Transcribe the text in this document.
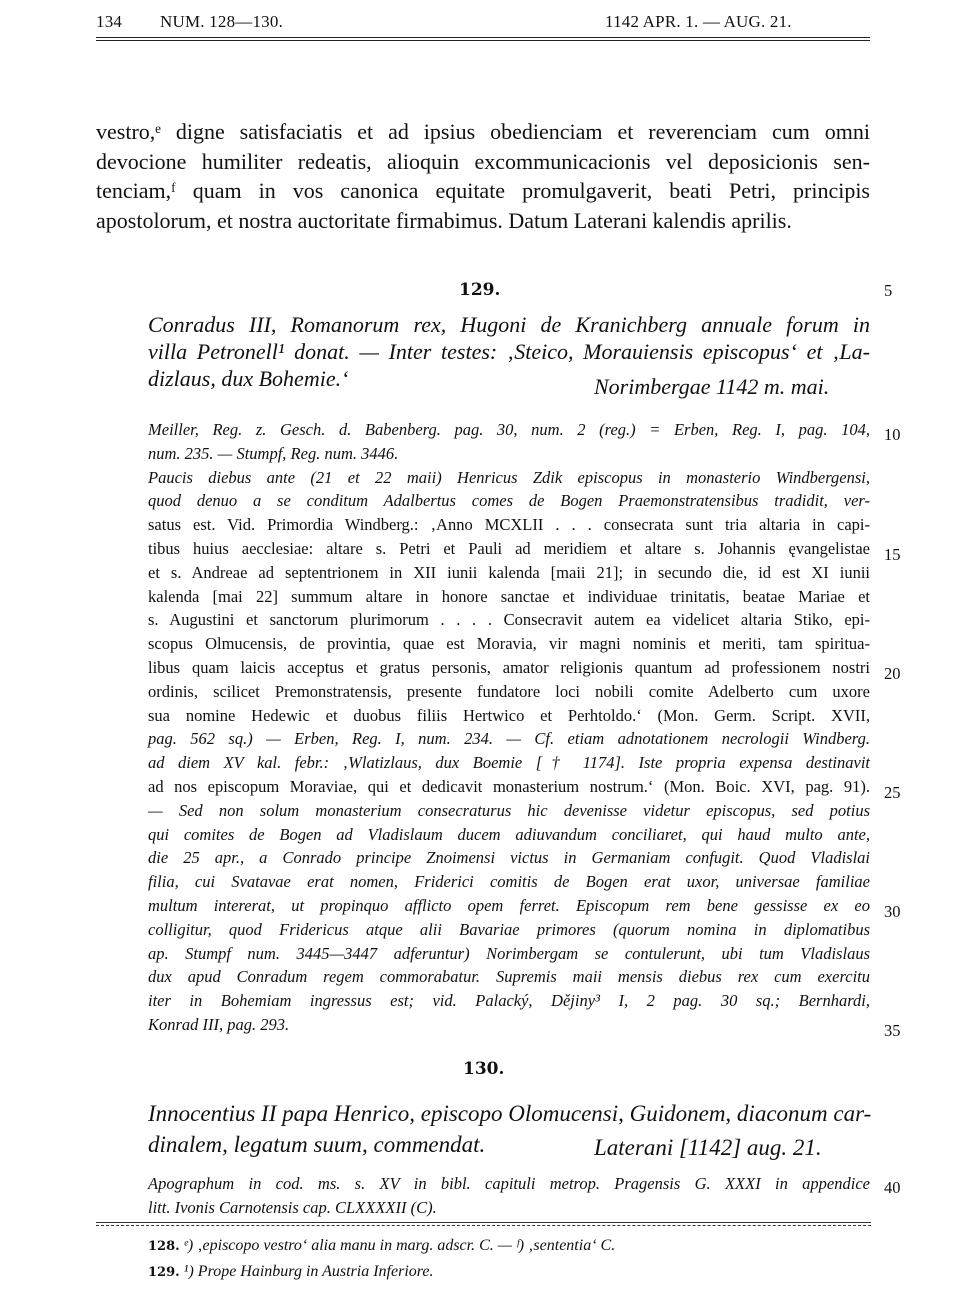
134 NUM. 128—130.	1142 APR. 1. — AUG. 21.
vestro,ᵉ digne satisfaciatis et ad ipsius obedienciam et reverenciam cum omni
devocione humiliter redeatis, alioquin excommunicacionis vel deposicionis sen-
tenciam,ᶠ quam in vos canonica equitate promulgaverit, beati Petri, principis
apostolorum, et nostra auctoritate firmabimus. Datum Laterani kalendis aprilis.
129.	5
Conradus III, Romanorum rex, Hugoni de Kranichberg annuale forum in
villa Petronell¹ donat. — Inter testes: ‚Steico, Morauiensis episcopus‘ et ‚La-
dizlaus, dux Bohemie.‘	Norimbergae 1142 m. mai.
Meiller, Reg. z. Gesch. d. Babenberg. pag. 30, num. 2 (reg.) = Erben, Reg. I, pag. 104,
num. 235. — Stumpf, Reg. num. 3446.
Paucis diebus ante (21 et 22 maii) Henricus Zdik episcopus in monasterio Windbergensi,
quod denuo a se conditum Adalbertus comes de Bogen Praemonstratensibus tradidit, ver-
satus est. Vid. Primordia Windberg.: ‚Anno MCXLII . . . consecrata sunt tria altaria in capi-
tibus huius aecclesiae: altare s. Petri et Pauli ad meridiem et altare s. Johannis ęvangelistae
et s. Andreae ad septentrionem in XII iunii kalenda [maii 21]; in secundo die, id est XI iunii
kalenda [mai 22] summum altare in honore sanctae et individuae trinitatis, beatae Mariae et
s. Augustini et sanctorum plurimorum . . . . Consecravit autem ea videlicet altaria Stiko, epi-
scopus Olmucensis, de provintia, quae est Moravia, vir magni nominis et meriti, tam spiritua-
libus quam laicis acceptus et gratus personis, amator religionis quantum ad professionem nostri
ordinis, scilicet Premonstratensis, presente fundatore loci nobili comite Adelberto cum uxore
sua nomine Hedewic et duobus filiis Hertwico et Perhtoldo.‘ (Mon. Germ. Script. XVII,
pag. 562 sq.) — Erben, Reg. I, num. 234. — Cf. etiam adnotationem necrologii Windberg.
ad diem XV kal. febr.: ‚Wlatizlaus, dux Boemie [† 1174]. Iste propria expensa destinavit
ad nos episcopum Moraviae, qui et dedicavit monasterium nostrum.‘ (Mon. Boic. XVI, pag. 91).
— Sed non solum monasterium consecraturus hic devenisse videtur episcopus, sed potius
qui comites de Bogen ad Vladislaum ducem adiuvandum conciliaret, qui haud multo ante,
die 25 apr., a Conrado principe Znoimensi victus in Germaniam confugit. Quod Vladislai
filia, cui Svatavae erat nomen, Friderici comitis de Bogen erat uxor, universae familiae
multum intererat, ut propinquo afflicto opem ferret. Episcopum rem bene gessisse ex eo
colligitur, quod Fridericus atque alii Bavariae primores (quorum nomina in diplomatibus
ap. Stumpf num. 3445—3447 adferuntur) Norimbergam se contulerunt, ubi tum Vladislaus
dux apud Conradum regem commorabatur. Supremis maii mensis diebus rex cum exercitu
iter in Bohemiam ingressus est; vid. Palacký, Dějiny³ I, 2 pag. 30 sq.; Bernhardi,
Konrad III, pag. 293.
10
15
20
25
30
35
130.
Innocentius II papa Henrico, episcopo Olomucensi, Guidonem, diaconum car-
dinalem, legatum suum, commendat.	Laterani [1142] aug. 21.
Apographum in cod. ms. s. XV in bibl. capituli metrop. Pragensis G. XXXI in appendice
litt. Ivonis Carnotensis cap. CLXXXXII (C).
40
128. ᵉ) ‚episcopo vestro‘ alia manu in marg. adscr. C. — ᶠ) ‚sententia‘ C.
129. ¹) Prope Hainburg in Austria Inferiore.
